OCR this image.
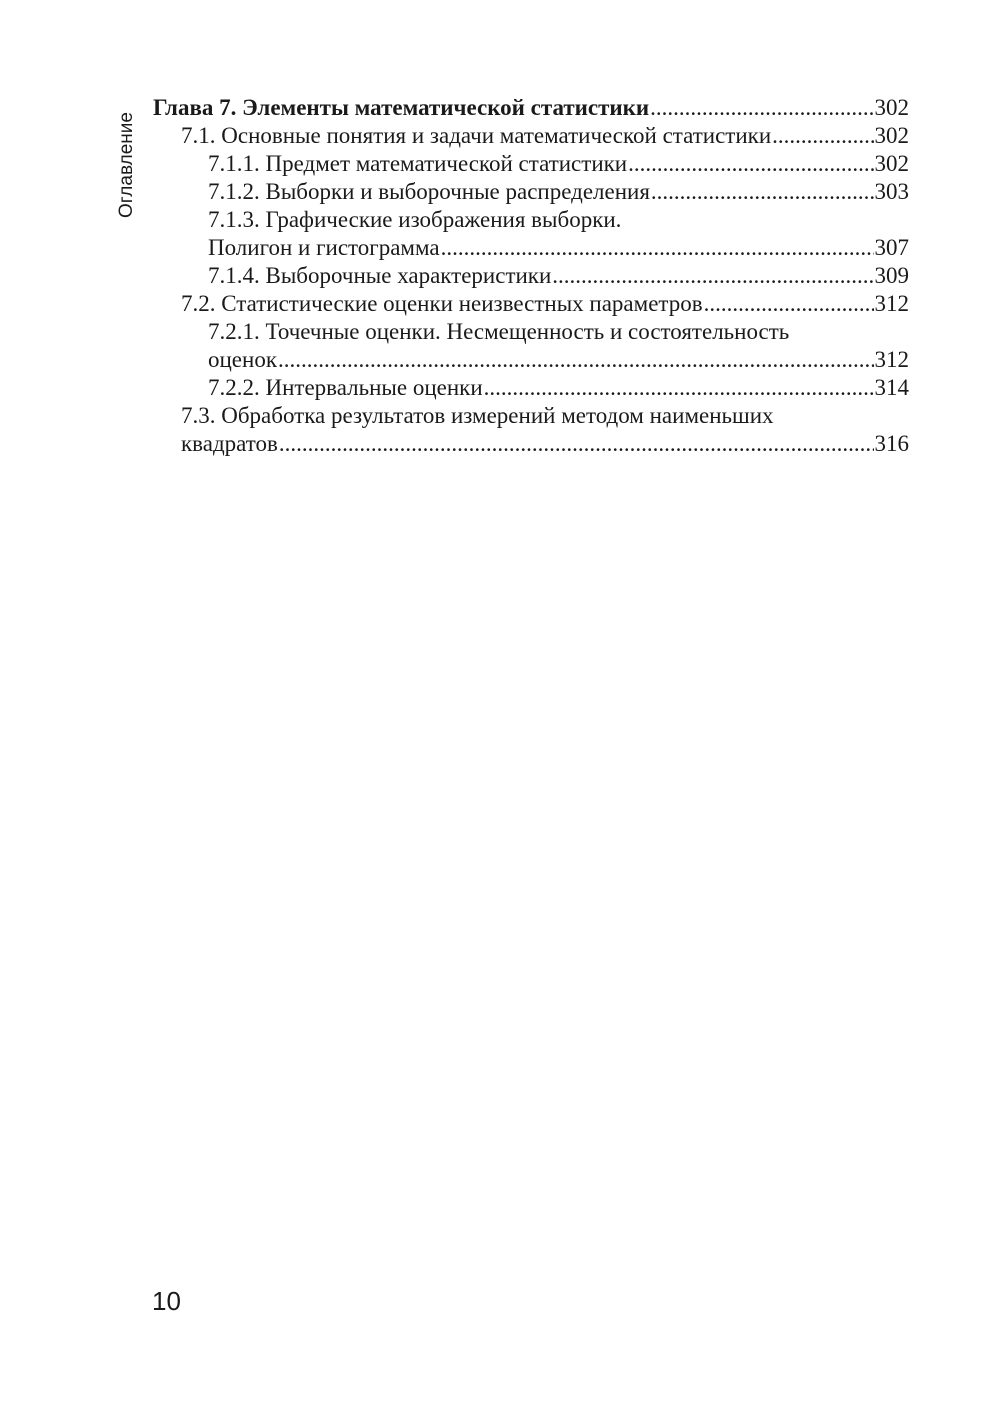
Оглавление
Глава 7. Элементы математической статистики .....	302
7.1. Основные понятия и задачи математической статистики .....	302
7.1.1. Предмет математической статистики .....	302
7.1.2. Выборки и выборочные распределения .....	303
7.1.3. Графические изображения выборки.
Полигон и гистограмма .....	307
7.1.4. Выборочные характеристики .....	309
7.2. Статистические оценки неизвестных параметров .....	312
7.2.1. Точечные оценки. Несмещенность и состоятельность
оценок .....	312
7.2.2. Интервальные оценки .....	314
7.3. Обработка результатов измерений методом наименьших
квадратов .....	316
10
